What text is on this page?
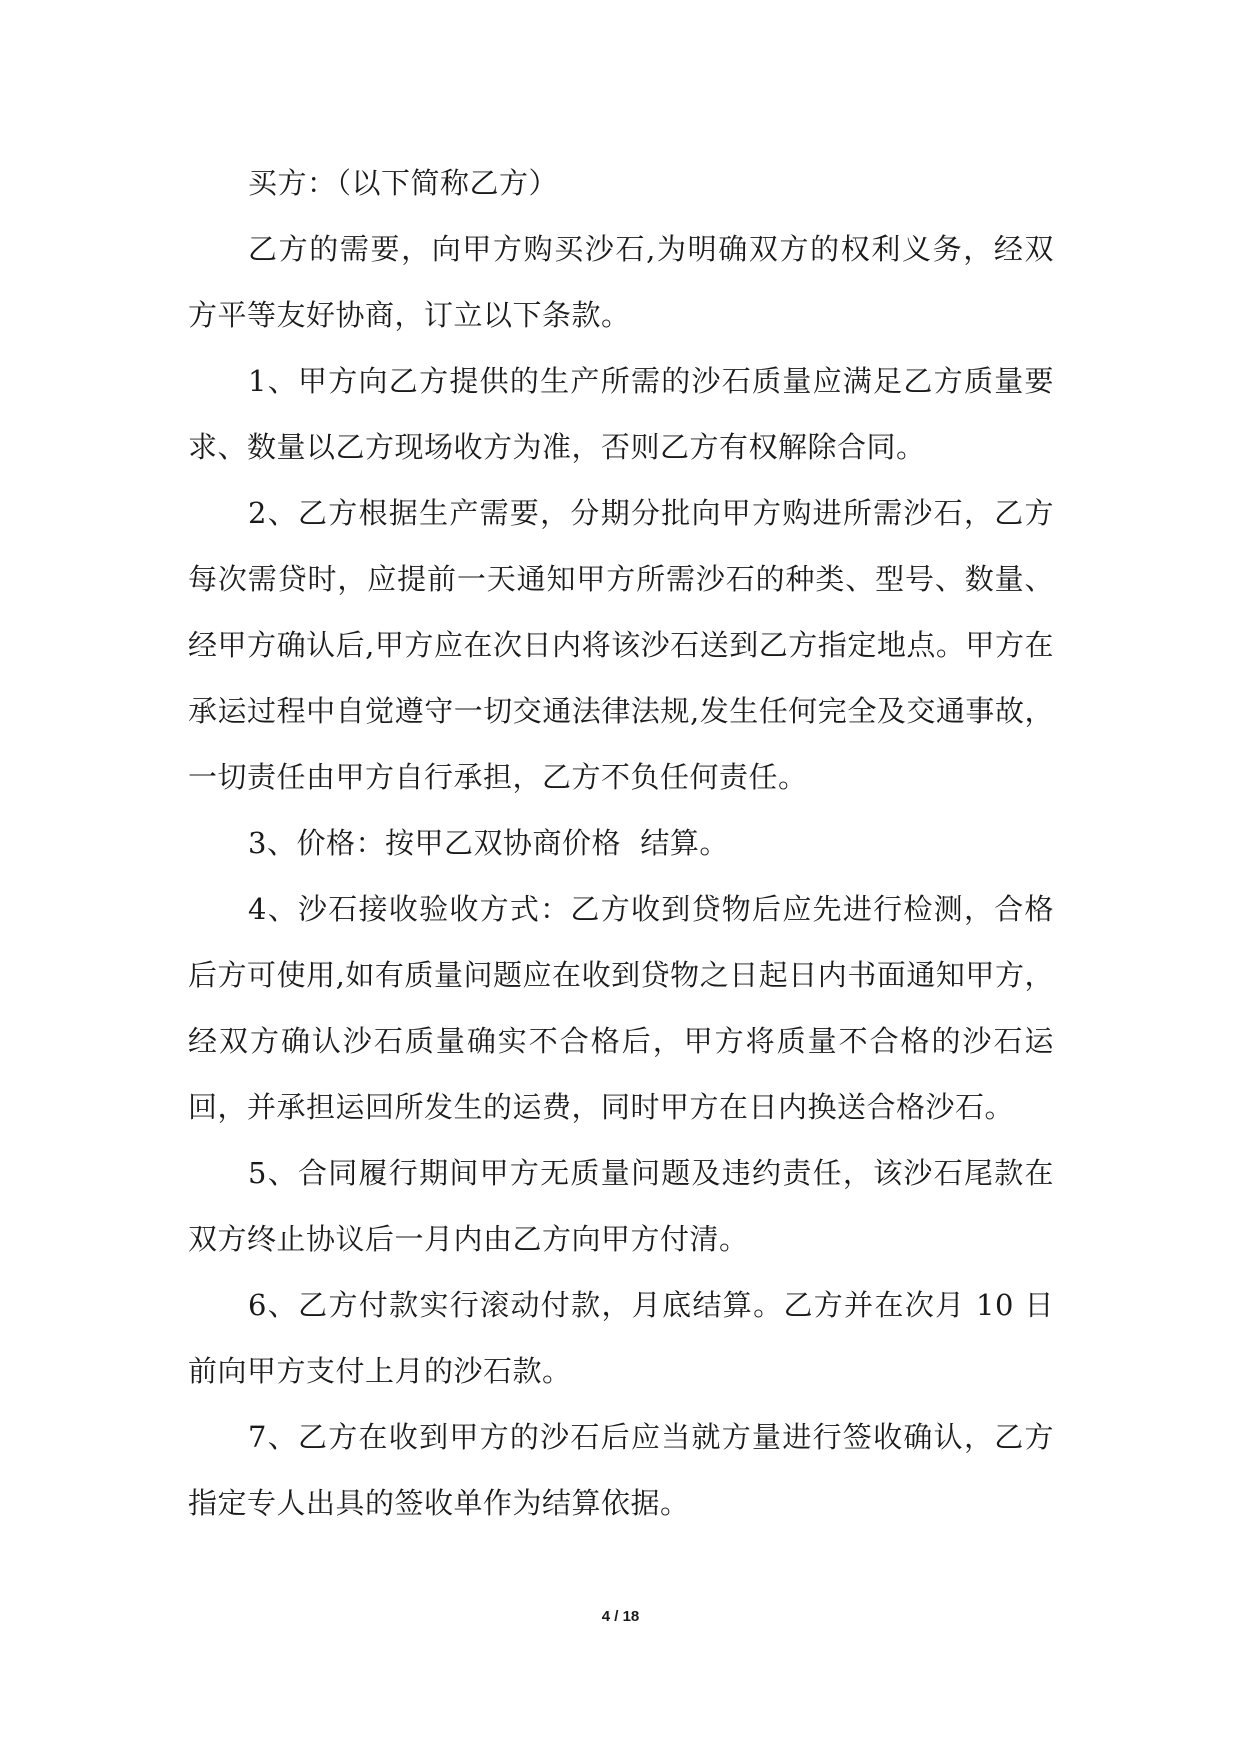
买方：（以下简称乙方）

乙方的需要，向甲方购买沙石,为明确双方的权利义务，经双方平等友好协商，订立以下条款。

1、甲方向乙方提供的生产所需的沙石质量应满足乙方质量要求、数量以乙方现场收方为准，否则乙方有权解除合同。

2、乙方根据生产需要，分期分批向甲方购进所需沙石，乙方每次需贷时，应提前一天通知甲方所需沙石的种类、型号、数量、经甲方确认后,甲方应在次日内将该沙石送到乙方指定地点。甲方在承运过程中自觉遵守一切交通法律法规,发生任何完全及交通事故，一切责任由甲方自行承担，乙方不负任何责任。

3、价格：按甲乙双协商价格  结算。

4、沙石接收验收方式：乙方收到贷物后应先进行检测，合格后方可使用,如有质量问题应在收到贷物之日起日内书面通知甲方，经双方确认沙石质量确实不合格后，甲方将质量不合格的沙石运回，并承担运回所发生的运费，同时甲方在日内换送合格沙石。

5、合同履行期间甲方无质量问题及违约责任，该沙石尾款在双方终止协议后一月内由乙方向甲方付清。

6、乙方付款实行滚动付款，月底结算。乙方并在次月 10 日前向甲方支付上月的沙石款。

7、乙方在收到甲方的沙石后应当就方量进行签收确认，乙方指定专人出具的签收单作为结算依据。

4 / 18
